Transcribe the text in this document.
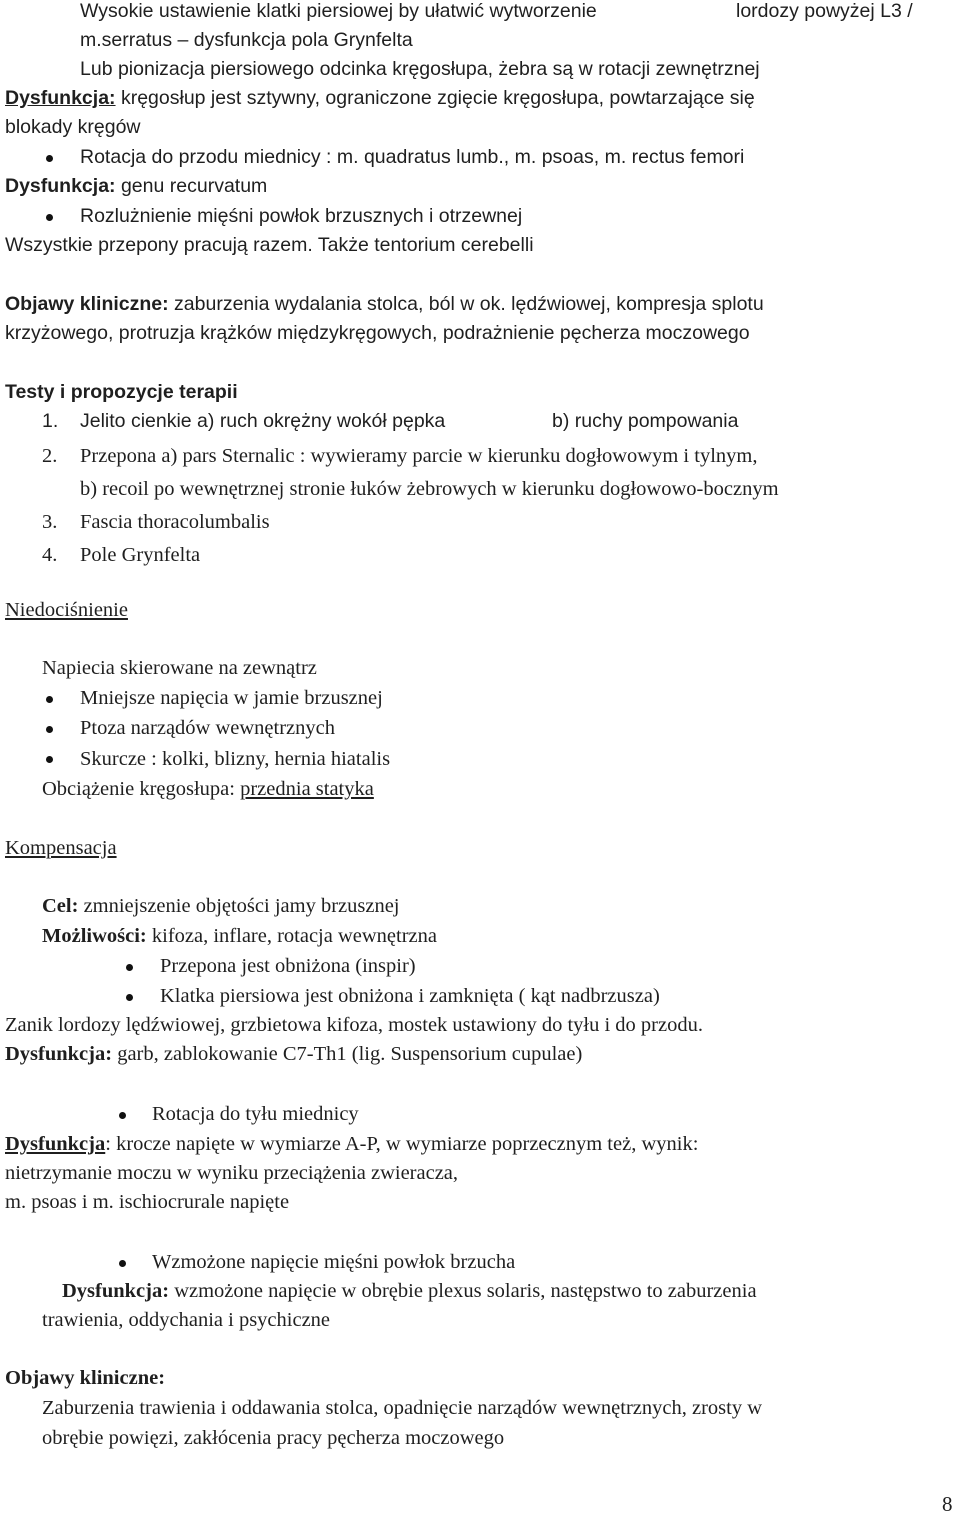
Wysokie ustawienie klatki piersiowej by ułatwić wytworzenie	lordozy powyżej L3 /
m.serratus – dysfunkcja pola Grynfelta
Lub pionizacja piersiowego odcinka kręgosłupa, żebra są w rotacji zewnętrznej
Dysfunkcja: kręgosłup jest sztywny, ograniczone zgięcie kręgosłupa, powtarzające się
blokady kręgów
Rotacja do przodu miednicy : m. quadratus lumb., m. psoas, m. rectus femori
Dysfunkcja: genu recurvatum
Rozlużnienie mięśni powłok brzusznych i otrzewnej
Wszystkie przepony pracują razem. Także tentorium cerebelli
Objawy kliniczne: zaburzenia wydalania stolca, ból w ok. lędźwiowej, kompresja splotu
krzyżowego, protruzja krążków międzykręgowych, podrażnienie pęcherza moczowego
Testy i propozycje terapii
1. Jelito cienkie a) ruch okrężny wokół pępka	b) ruchy pompowania
2. Przepona a) pars Sternalic : wywieramy parcie w kierunku dogłowowym i tylnym,
b) recoil po wewnętrznej stronie łuków żebrowych w kierunku dogłowowo-bocznym
3. Fascia thoracolumbalis
4. Pole Grynfelta
Niedociśnienie
Napiecia skierowane na zewnątrz
Mniejsze napięcia w jamie brzusznej
Ptoza narządów wewnętrznych
Skurcze : kolki, blizny, hernia hiatalis
Obciążenie kręgosłupa: przednia statyka
Kompensacja
Cel: zmniejszenie objętości jamy brzusznej
Możliwości: kifoza, inflare, rotacja wewnętrzna
Przepona jest obniżona (inspir)
Klatka piersiowa jest obniżona i zamknięta ( kąt nadbrzusza)
Zanik lordozy lędźwiowej, grzbietowa kifoza, mostek ustawiony do tyłu i do przodu.
Dysfunkcja: garb, zablokowanie C7-Th1 (lig. Suspensorium cupulae)
Rotacja do tyłu miednicy
Dysfunkcja: krocze napięte w wymiarze A-P, w wymiarze poprzecznym też, wynik:
nietrzymanie moczu w wyniku przeciążenia zwieracza,
m. psoas i m. ischiocrurale napięte
Wzmożone napięcie mięśni powłok brzucha
Dysfunkcja: wzmożone napięcie w obrębie plexus solaris, następstwo to zaburzenia
trawienia, oddychania i psychiczne
Objawy kliniczne:
Zaburzenia trawienia i oddawania stolca, opadnięcie narządów wewnętrznych, zrosty w
obrębie powięzi, zakłócenia pracy pęcherza moczowego
8
